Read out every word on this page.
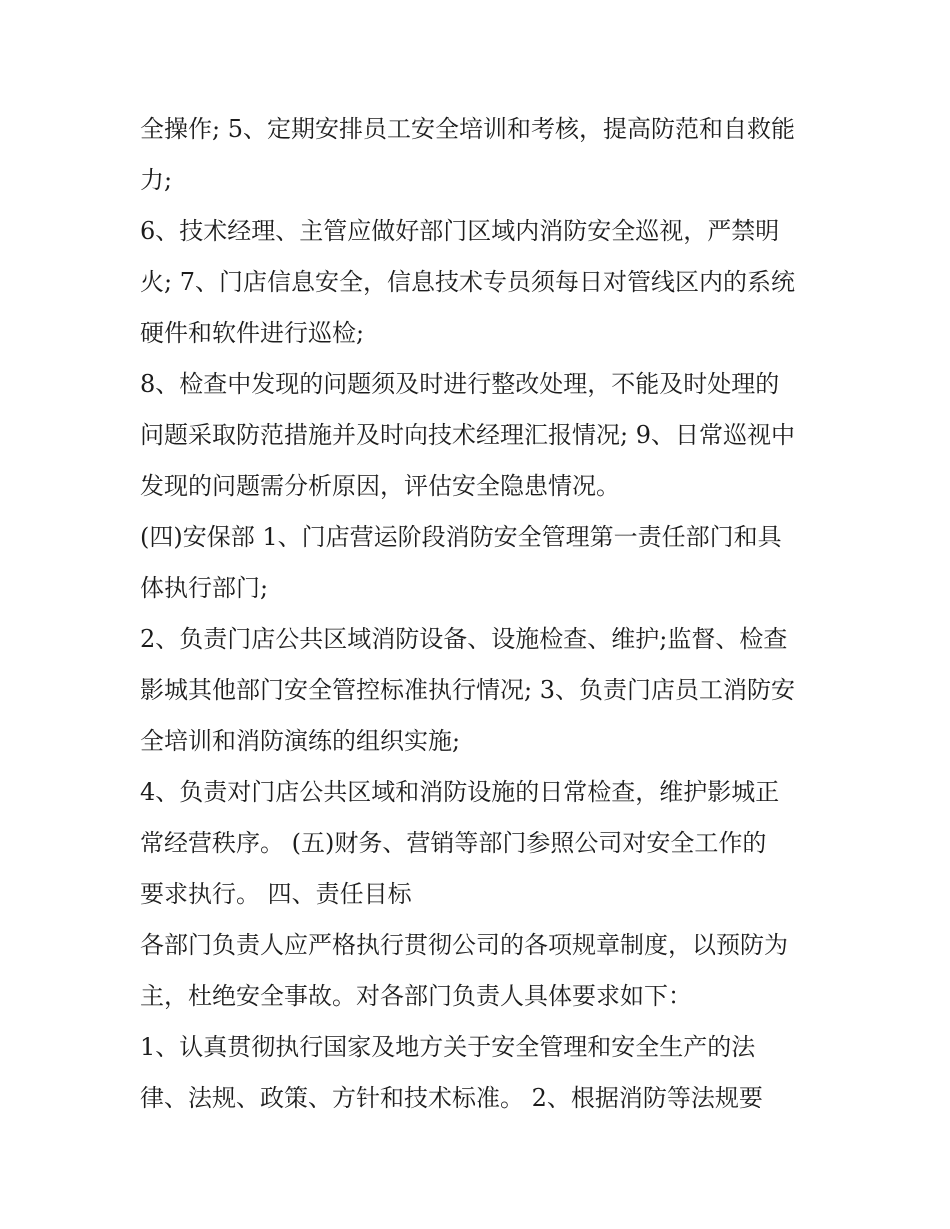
全操作; 5、定期安排员工安全培训和考核，提高防范和自救能
力;
6、技术经理、主管应做好部门区域内消防安全巡视，严禁明
火; 7、门店信息安全，信息技术专员须每日对管线区内的系统
硬件和软件进行巡检;
8、检查中发现的问题须及时进行整改处理，不能及时处理的
问题采取防范措施并及时向技术经理汇报情况; 9、日常巡视中
发现的问题需分析原因，评估安全隐患情况。
(四)安保部 1、门店营运阶段消防安全管理第一责任部门和具
体执行部门;
2、负责门店公共区域消防设备、设施检查、维护;监督、检查
影城其他部门安全管控标准执行情况; 3、负责门店员工消防安
全培训和消防演练的组织实施;
4、负责对门店公共区域和消防设施的日常检查，维护影城正
常经营秩序。 (五)财务、营销等部门参照公司对安全工作的
要求执行。 四、责任目标
各部门负责人应严格执行贯彻公司的各项规章制度，以预防为
主，杜绝安全事故。对各部门负责人具体要求如下：
1、认真贯彻执行国家及地方关于安全管理和安全生产的法
律、法规、政策、方针和技术标准。 2、根据消防等法规要
